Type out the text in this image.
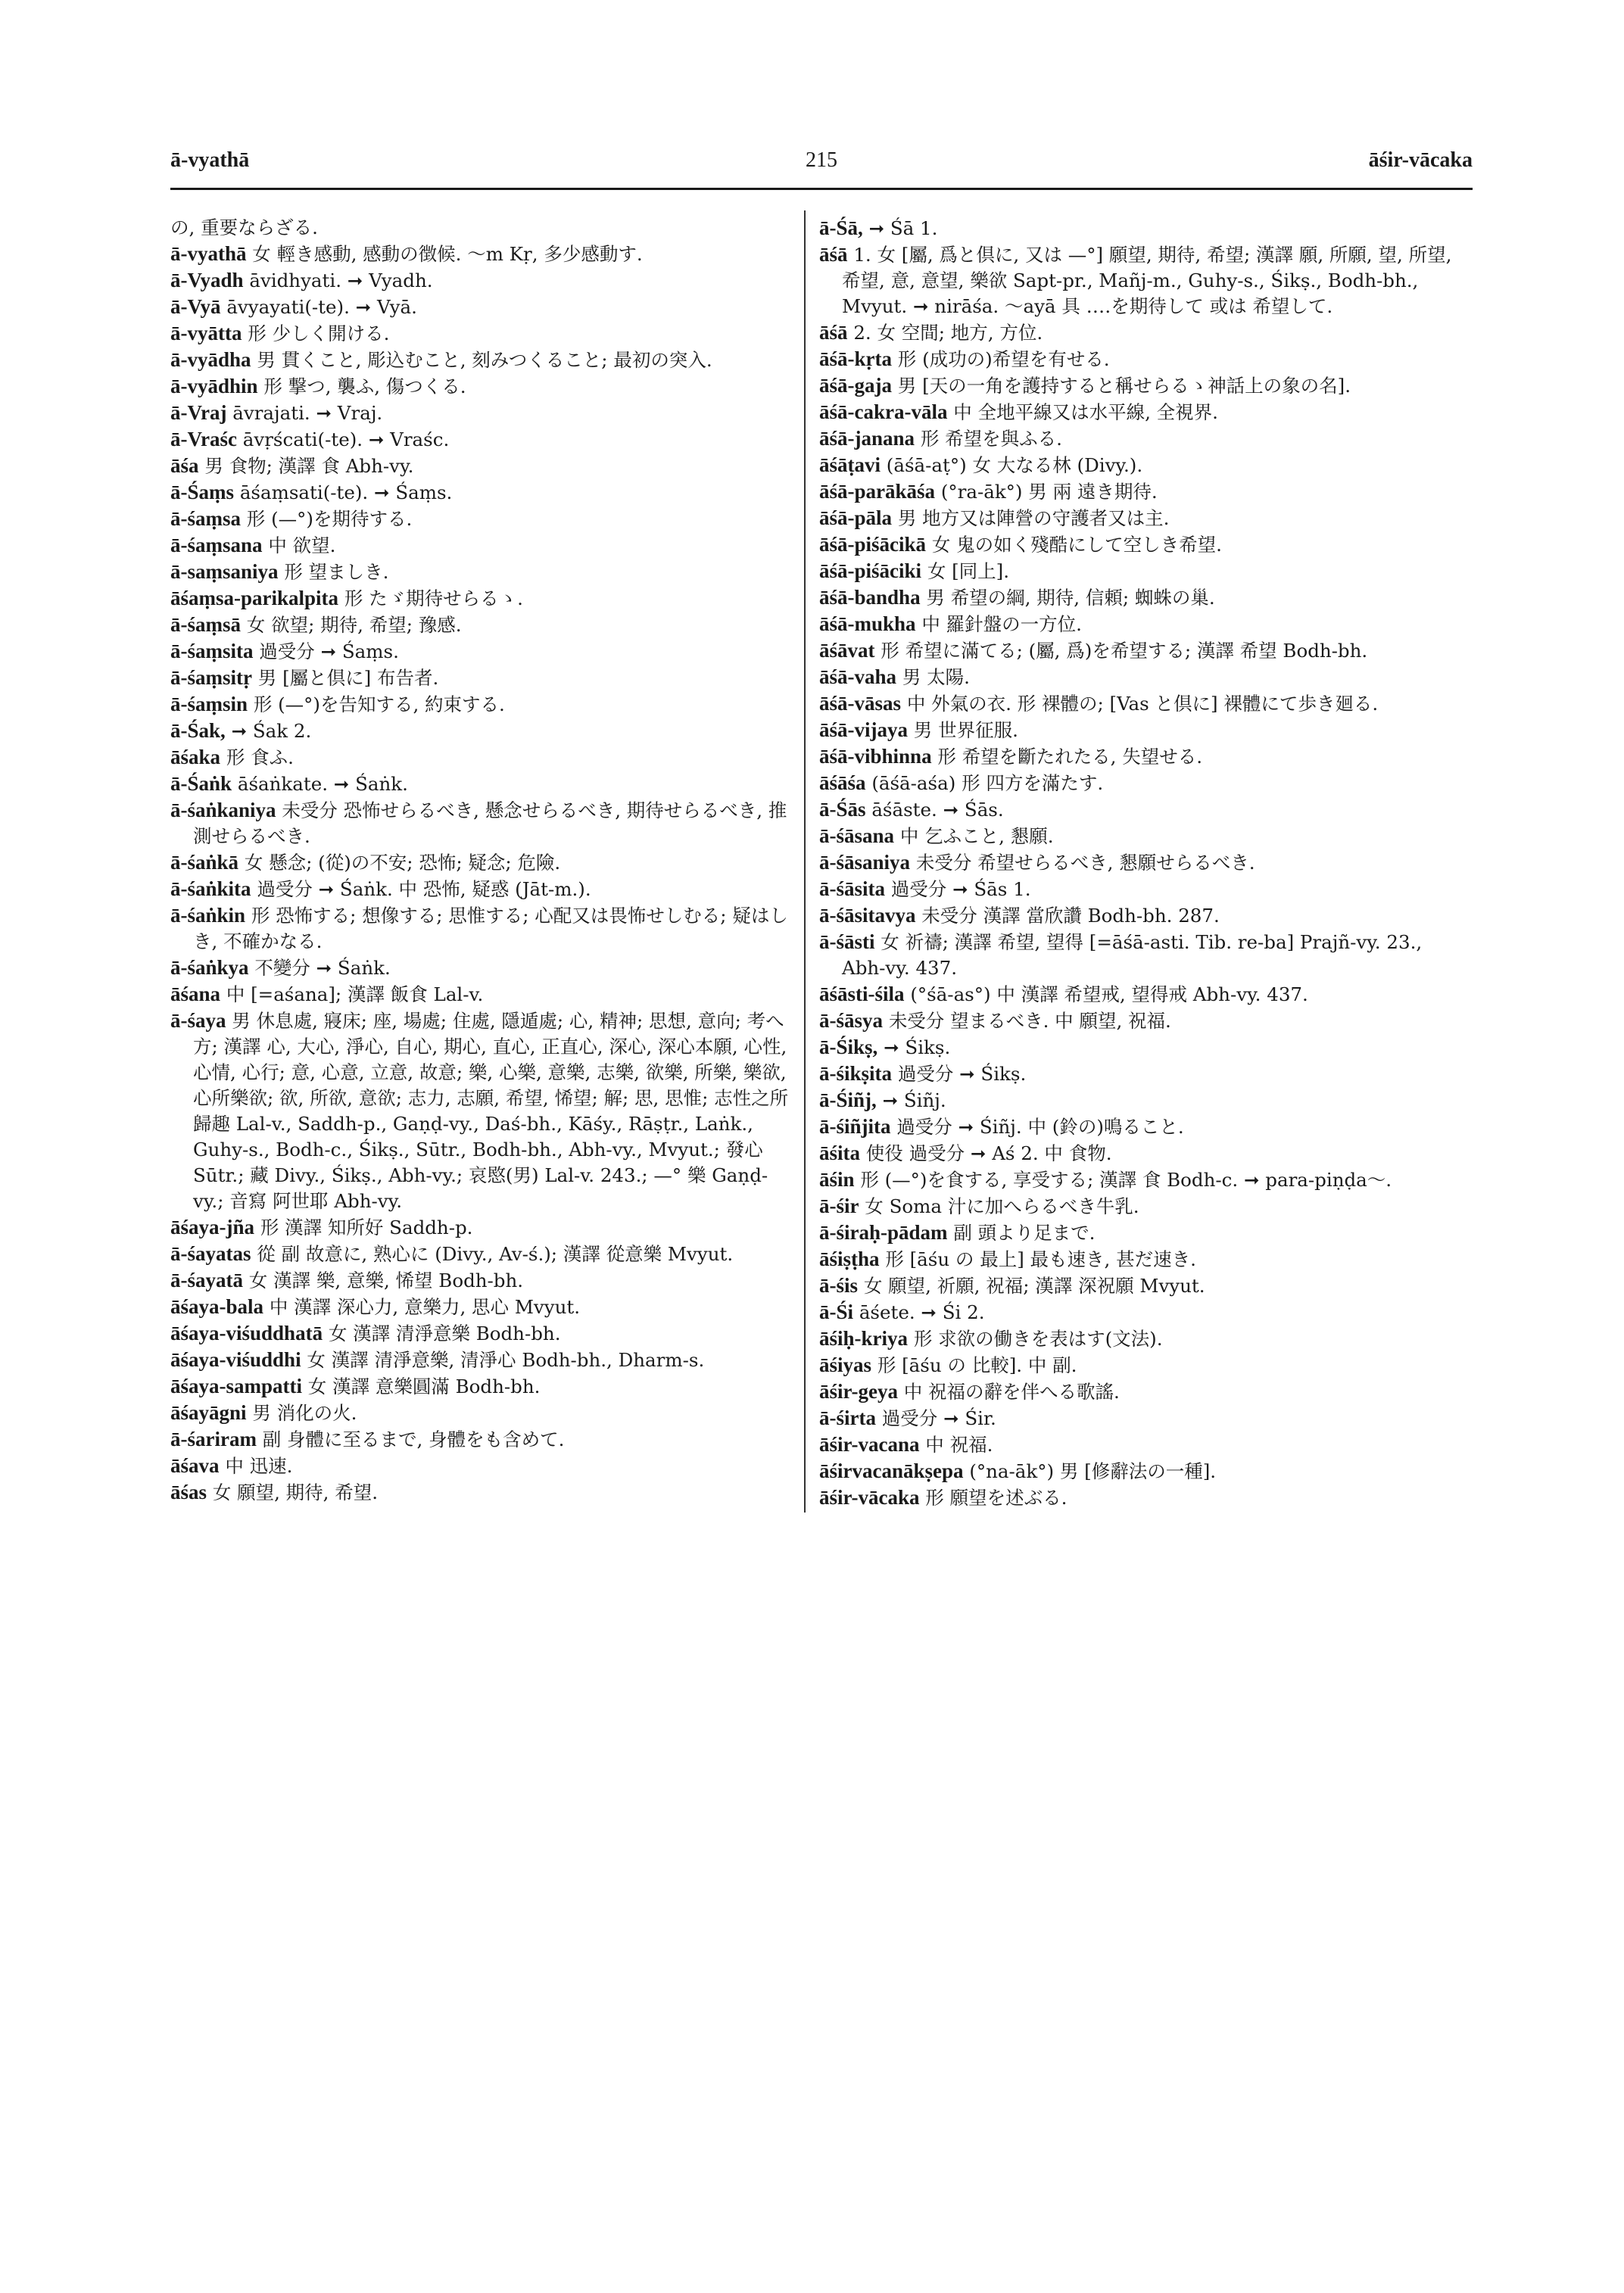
ā-vyathā	215	āśir-vācaka

の, 重要ならざる.

ā-vyathā 女 輕き感動, 感動の徴候. ～m Kṛ, 多少感動す.

ā-Vyadh āvidhyati. ➞ Vyadh.

ā-Vyā āvyayati(-te). ➞ Vyā.

ā-vyātta 形 少しく開ける.

ā-vyādha 男 貫くこと, 彫込むこと, 刻みつくること; 最初の突入.

ā-vyādhin 形 撃つ, 襲ふ, 傷つくる.

ā-Vraj āvrajati. ➞ Vraj.

ā-Vraśc āvṛścati(-te). ➞ Vraśc.

āśa 男 食物; 漢譯 食 Abh-vy.

ā-Śaṃs āśaṃsati(-te). ➞ Śaṃs.

ā-śaṃsa 形 (—°)を期待する.

ā-śaṃsana 中 欲望.

ā-saṃsaniya 形 望ましき.

āśaṃsa-parikalpita 形 たゞ期待せらるゝ.

ā-śaṃsā 女 欲望; 期待, 希望; 豫感.

ā-śaṃsita 過受分 ➞ Śaṃs.

ā-śaṃsitṛ 男 [屬と倶に] 布告者.

ā-śaṃsin 形 (—°)を告知する, 約束する.

ā-Śak, ➞ Śak 2.

āśaka 形 食ふ.

ā-Śaṅk āśaṅkate. ➞ Śaṅk.

ā-śaṅkaniya 未受分 恐怖せらるべき, 懸念せらるべき, 期待せらるべき, 推測せらるべき.

ā-śaṅkā 女 懸念; (從)の不安; 恐怖; 疑念; 危險.

ā-śaṅkita 過受分 ➞ Śaṅk. 中 恐怖, 疑惑 (Jāt-m.).

ā-śaṅkin 形 恐怖する; 想像する; 思惟する; 心配又は畏怖せしむる; 疑はしき, 不確かなる.

ā-śaṅkya 不變分 ➞ Śaṅk.

āśana 中 [=aśana]; 漢譯 飯食 Lal-v.

ā-śaya 男 休息處, 寢床; 座, 場處; 住處, 隱遁處; 心, 精神; 思想, 意向; 考へ方; 漢譯 心, 大心, 淨心, 自心, 期心, 直心, 正直心, 深心, 深心本願, 心性, 心情, 心行; 意, 心意, 立意, 故意; 樂, 心樂, 意樂, 志樂, 欲樂, 所樂, 樂欲, 心所樂欲; 欲, 所欲, 意欲; 志力, 志願, 希望, 悕望; 解; 思, 思惟; 志性之所歸趣 Lal-v., Saddh-p., Gaṇḍ-vy., Daś-bh., Kāśy., Rāṣṭr., Laṅk., Guhy-s., Bodh-c., Śikṣ., Sūtr., Bodh-bh., Abh-vy., Mvyut.; 發心 Sūtr.; 藏 Divy., Śikṣ., Abh-vy.; 哀愍(男) Lal-v. 243.; —° 樂 Gaṇḍ-vy.; 音寫 阿世耶 Abh-vy.

āśaya-jña 形 漢譯 知所好 Saddh-p.

ā-śayatas 從 副 故意に, 熟心に (Divy., Av-ś.); 漢譯 從意樂 Mvyut.

ā-śayatā 女 漢譯 樂, 意樂, 悕望 Bodh-bh.

āśaya-bala 中 漢譯 深心力, 意樂力, 思心 Mvyut.

āśaya-viśuddhatā 女 漢譯 清淨意樂 Bodh-bh.

āśaya-viśuddhi 女 漢譯 清淨意樂, 清淨心 Bodh-bh., Dharm-s.

āśaya-sampatti 女 漢譯 意樂圓滿 Bodh-bh.

āśayāgni 男 消化の火.

ā-śariram 副 身體に至るまで, 身體をも含めて.

āśava 中 迅速.

āśas 女 願望, 期待, 希望.

ā-Śā, ➞ Śā 1.

āśā 1. 女 [屬, 爲と倶に, 又は —°] 願望, 期待, 希望; 漢譯 願, 所願, 望, 所望, 希望, 意, 意望, 樂欲 Sapt-pr., Mañj-m., Guhy-s., Śikṣ., Bodh-bh., Mvyut. ➞ nirāśa. ～ayā 具 ‥‥を期待して 或は 希望して.

āśā 2. 女 空間; 地方, 方位.

āśā-kṛta 形 (成功の)希望を有せる.

āśā-gaja 男 [天の一角を護持すると稱せらるゝ神話上の象の名].

āśā-cakra-vāla 中 全地平線又は水平線, 全視界.

āśā-janana 形 希望を與ふる.

āśāṭavi (āśā-aṭ°) 女 大なる林 (Divy.).

āśā-parākāśa (°ra-āk°) 男 兩 遠き期待.

āśā-pāla 男 地方又は陣營の守護者又は主.

āśā-piśācikā 女 鬼の如く殘酷にして空しき希望.

āśā-piśāciki 女 [同上].

āśā-bandha 男 希望の綱, 期待, 信頼; 蜘蛛の巢.

āśā-mukha 中 羅針盤の一方位.

āśāvat 形 希望に滿てる; (屬, 爲)を希望する; 漢譯 希望 Bodh-bh.

āśā-vaha 男 太陽.

āśā-vāsas 中 外氣の衣. 形 裸體の; [Vas と倶に] 裸體にて歩き廻る.

āśā-vijaya 男 世界征服.

āśā-vibhinna 形 希望を斷たれたる, 失望せる.

āśāśa (āśā-aśa) 形 四方を滿たす.

ā-Śās āśāste. ➞ Śās.

ā-śāsana 中 乞ふこと, 懇願.

ā-śāsaniya 未受分 希望せらるべき, 懇願せらるべき.

ā-śāsita 過受分 ➞ Śās 1.

ā-śāsitavya 未受分 漢譯 當欣讚 Bodh-bh. 287.

ā-śāsti 女 祈禱; 漢譯 希望, 望得 [=āśā-asti. Tib. re-ba] Prajñ-vy. 23., Abh-vy. 437.

āśāsti-śila (°śā-as°) 中 漢譯 希望戒, 望得戒 Abh-vy. 437.

ā-śāsya 未受分 望まるべき. 中 願望, 祝福.

ā-Śikṣ, ➞ Śikṣ.

ā-śikṣita 過受分 ➞ Śikṣ.

ā-Śiñj, ➞ Śiñj.

ā-śiñjita 過受分 ➞ Śiñj. 中 (鈴の)鳴ること.

āśita 使役 過受分 ➞ Aś 2. 中 食物.

āśin 形 (—°)を食する, 享受する; 漢譯 食 Bodh-c. ➞ para-piṇḍa～.

ā-śir 女 Soma 汁に加へらるべき牛乳.

ā-śiraḥ-pādam 副 頭より足まで.

āśiṣṭha 形 [āśu の 最上] 最も速き, 甚だ速き.

ā-śis 女 願望, 祈願, 祝福; 漢譯 深祝願 Mvyut.

ā-Śi āśete. ➞ Śi 2.

āśiḥ-kriya 形 求欲の働きを表はす(文法).

āśiyas 形 [āśu の 比較]. 中 副.

āśir-geya 中 祝福の辭を伴へる歌謠.

ā-śirta 過受分 ➞ Śir.

āśir-vacana 中 祝福.

āśirvacanākṣepa (°na-āk°) 男 [修辭法の一種].

āśir-vācaka 形 願望を述ぶる.
